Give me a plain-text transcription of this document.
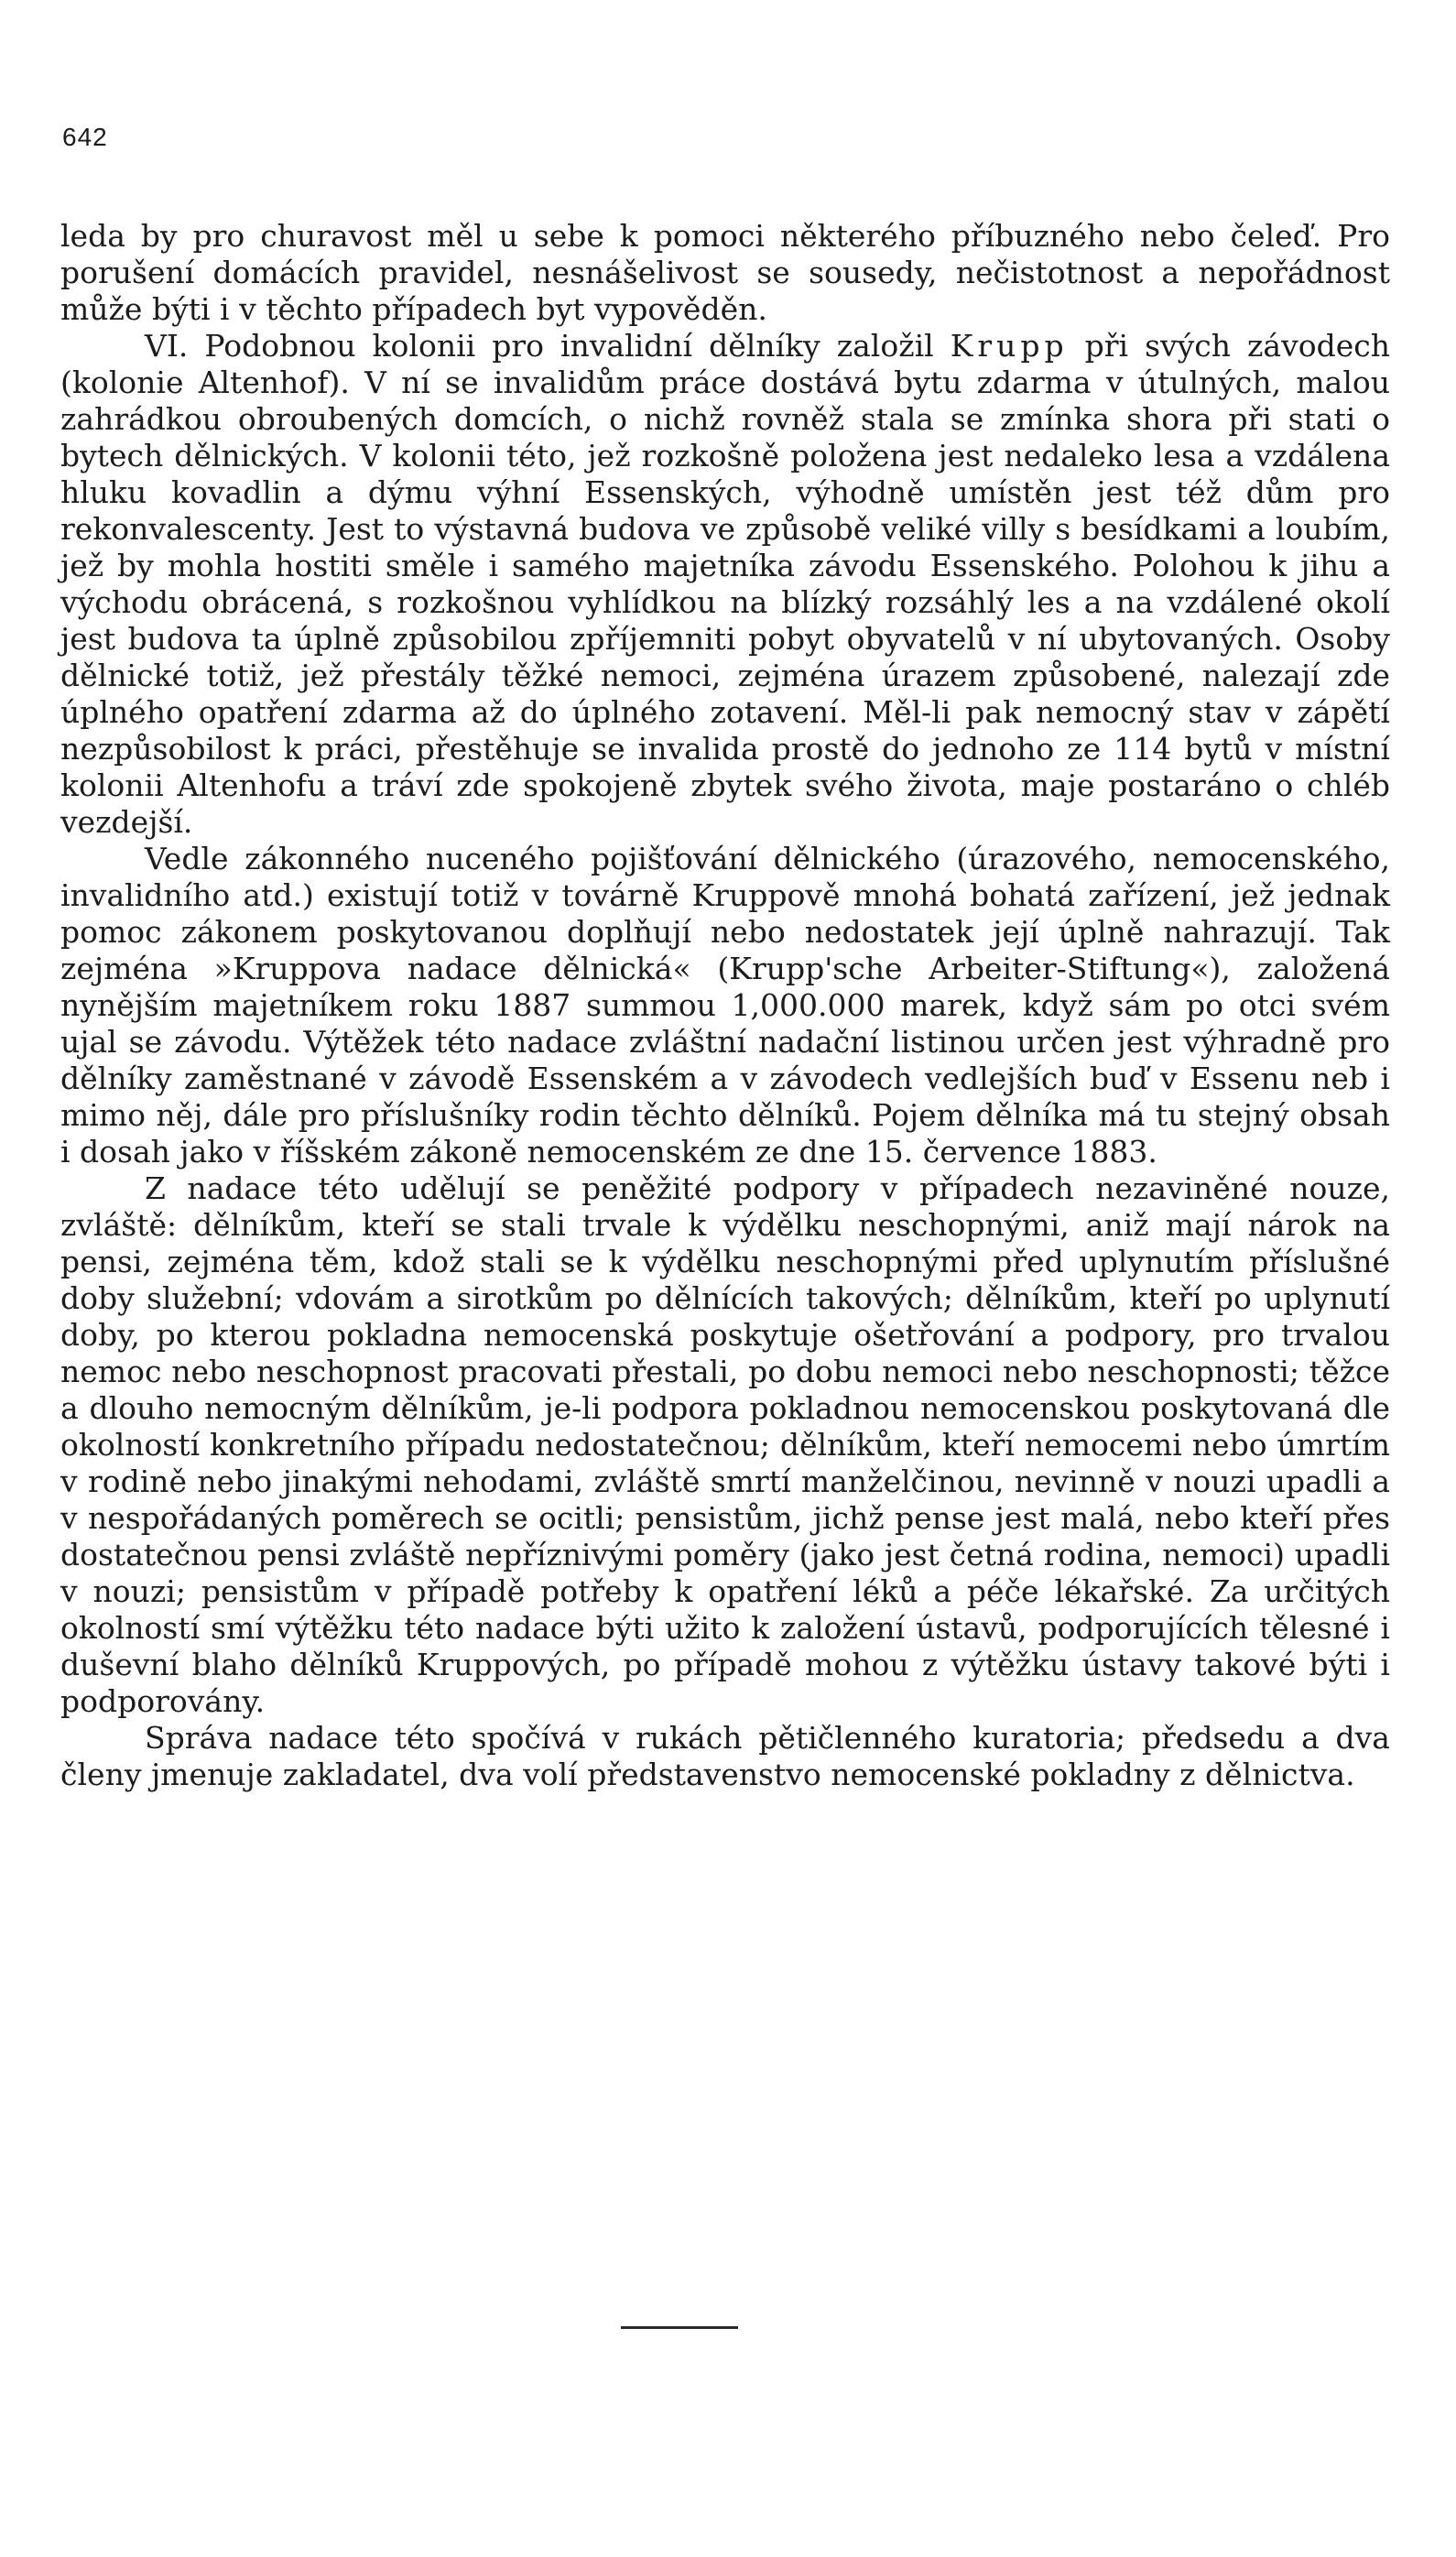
642

leda by pro churavost měl u sebe k pomoci některého příbuzného nebo čeleď. Pro porušení domácích pravidel, nesnášelivost se sousedy, nečistotnost a nepořádnost může býti i v těchto případech byt vypověděn.

VI. Podobnou kolonii pro invalidní dělníky založil Krupp při svých závodech (kolonie Altenhof). V ní se invalidům práce dostává bytu zdarma v útulných, malou zahrádkou obroubených domcích, o nichž rovněž stala se zmínka shora při stati o bytech dělnických. V kolonii této, jež rozkošně položena jest nedaleko lesa a vzdálena hluku kovadlin a dýmu výhní Essenských, výhodně umístěn jest též dům pro rekonvalescenty. Jest to výstavná budova ve způsobě veliké villy s besídkami a loubím, jež by mohla hostiti směle i samého majetníka závodu Essenského. Polohou k jihu a východu obrácená, s rozkošnou vyhlídkou na blízký rozsáhlý les a na vzdálené okolí jest budova ta úplně způsobilou zpříjemniti pobyt obyvatelů v ní ubytovaných. Osoby dělnické totiž, jež přestály těžké nemoci, zejména úrazem způsobené, nalezají zde úplného opatření zdarma až do úplného zotavení. Měl-li pak nemocný stav v zápětí nezpůsobilost k práci, přestěhuje se invalida prostě do jednoho ze 114 bytů v místní kolonii Altenhofu a tráví zde spokojeně zbytek svého života, maje postaráno o chléb vezdejší.

Vedle zákonného nuceného pojišťování dělnického (úrazového, nemocenského, invalidního atd.) existují totiž v továrně Kruppově mnohá bohatá zařízení, jež jednak pomoc zákonem poskytovanou doplňují nebo nedostatek její úplně nahrazují. Tak zejména »Kruppova nadace dělnická« (Krupp'sche Arbeiter-Stiftung«), založená nynějším majetníkem roku 1887 summou 1,000.000 marek, když sám po otci svém ujal se závodu. Výtěžek této nadace zvláštní nadační listinou určen jest výhradně pro dělníky zaměstnané v závodě Essenském a v závodech vedlejších buď v Essenu neb i mimo něj, dále pro příslušníky rodin těchto dělníků. Pojem dělníka má tu stejný obsah i dosah jako v říšském zákoně nemocenském ze dne 15. července 1883.

Z nadace této udělují se peněžité podpory v případech nezaviněné nouze, zvláště: dělníkům, kteří se stali trvale k výdělku neschopnými, aniž mají nárok na pensi, zejména těm, kdož stali se k výdělku neschopnými před uplynutím příslušné doby služební; vdovám a sirotkům po dělnících takových; dělníkům, kteří po uplynutí doby, po kterou pokladna nemocenská poskytuje ošetřování a podpory, pro trvalou nemoc nebo neschopnost pracovati přestali, po dobu nemoci nebo neschopnosti; těžce a dlouho nemocným dělníkům, je-li podpora pokladnou nemocenskou poskytovaná dle okolností konkretního případu nedostatečnou; dělníkům, kteří nemocemi nebo úmrtím v rodině nebo jinakými nehodami, zvláště smrtí manželčinou, nevinně v nouzi upadli a v nespořádaných poměrech se ocitli; pensistům, jichž pense jest malá, nebo kteří přes dostatečnou pensi zvláště nepříznivými poměry (jako jest četná rodina, nemoci) upadli v nouzi; pensistům v případě potřeby k opatření léků a péče lékařské. Za určitých okolností smí výtěžku této nadace býti užito k založení ústavů, podporujících tělesné i duševní blaho dělníků Kruppových, po případě mohou z výtěžku ústavy takové býti i podporovány.

Správa nadace této spočívá v rukách pětičlenného kuratoria; předsedu a dva členy jmenuje zakladatel, dva volí představenstvo nemocenské pokladny z dělnictva.
